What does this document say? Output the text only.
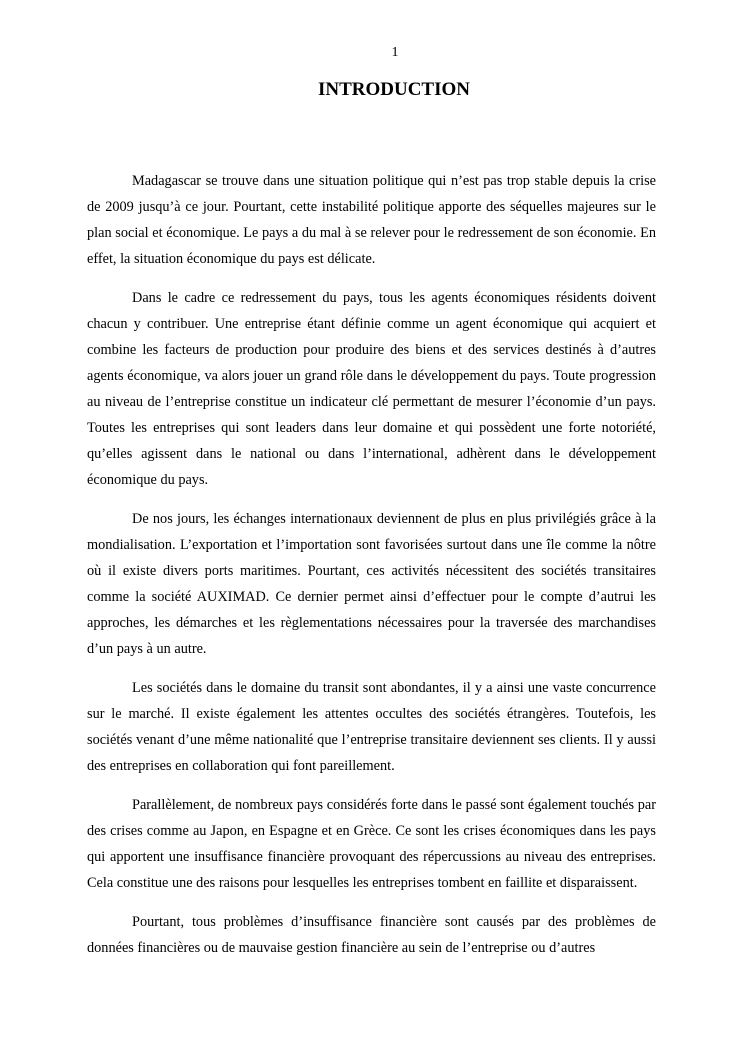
1
INTRODUCTION

Madagascar se trouve dans une situation politique qui n’est pas trop stable depuis la crise de 2009 jusqu’à ce jour. Pourtant, cette instabilité politique apporte des séquelles majeures sur le plan social et économique. Le pays a du mal à se relever pour le redressement de son économie. En effet, la situation économique du pays est délicate.

Dans le cadre ce redressement du pays, tous les agents économiques résidents doivent chacun y contribuer. Une entreprise étant définie comme un agent économique qui acquiert et combine les facteurs de production pour produire des biens et des services destinés à d’autres agents économique, va alors jouer un grand rôle dans le développement du pays. Toute progression au niveau de l’entreprise constitue un indicateur clé permettant de mesurer l’économie d’un pays. Toutes les entreprises qui sont leaders dans leur domaine et qui possèdent une forte notoriété, qu’elles agissent dans le national ou dans l’international, adhèrent dans le développement économique du pays.

De nos jours, les échanges internationaux deviennent de plus en plus privilégiés grâce à la mondialisation. L’exportation et l’importation sont favorisées surtout dans une île comme la nôtre où il existe divers ports maritimes. Pourtant, ces activités nécessitent des sociétés transitaires comme la société AUXIMAD. Ce dernier permet ainsi d’effectuer pour le compte d’autrui les approches, les démarches et les règlementations nécessaires pour la traversée des marchandises d’un pays à un autre.

Les sociétés dans le domaine du transit sont abondantes, il y a ainsi une vaste concurrence sur le marché. Il existe également les attentes occultes des sociétés étrangères. Toutefois, les sociétés venant d’une même nationalité que l’entreprise transitaire deviennent ses clients. Il y aussi des entreprises en collaboration qui font pareillement.

Parallèlement, de nombreux pays considérés forte dans le passé sont également touchés par des crises comme au Japon, en Espagne et en Grèce. Ce sont les crises économiques dans les pays qui apportent une insuffisance financière provoquant des répercussions au niveau des entreprises. Cela constitue une des raisons pour lesquelles les entreprises tombent en faillite et disparaissent.

Pourtant, tous problèmes d’insuffisance financière sont causés par des problèmes de données financières ou de mauvaise gestion financière au sein de l’entreprise ou d’autres
